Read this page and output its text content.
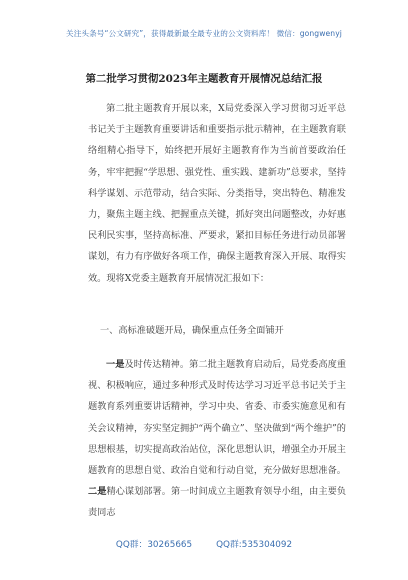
关注头条号“公文研究”，获得最新最全最专业的公文资料库！ 微信：gongwenyj
第二批学习贯彻2023年主题教育开展情况总结汇报

第二批主题教育开展以来，X局党委深入学习贯彻习近平总书记关于主题教育重要讲话和重要指示批示精神，在主题教育联络组精心指导下，始终把开展好主题教育作为当前首要政治任务，牢牢把握“学思想、强党性、重实践、建新功”总要求，坚持科学谋划、示范带动，结合实际、分类指导，突出特色、精准发力，聚焦主题主线、把握重点关键，抓好突出问题整改，办好惠民利民实事，坚持高标准、严要求，紧扣目标任务进行动员部署谋划，有力有序做好各项工作，确保主题教育深入开展、取得实效。现将X党委主题教育开展情况汇报如下：

一、高标准破题开局，确保重点任务全面铺开

一是及时传达精神。第二批主题教育启动后，局党委高度重视、积极响应，通过多种形式及时传达学习习近平总书记关于主题教育系列重要讲话精神，学习中央、省委、市委实施意见和有关会议精神，夯实坚定拥护“两个确立”、坚决做到“两个维护”的思想根基，切实提高政治站位，深化思想认识，增强全办开展主题教育的思想自觉、政治自觉和行动自觉，充分做好思想准备。二是精心谋划部署。第一时间成立主题教育领导小组，由主要负责同志

QQ群：30265665	QQ群:535304092
